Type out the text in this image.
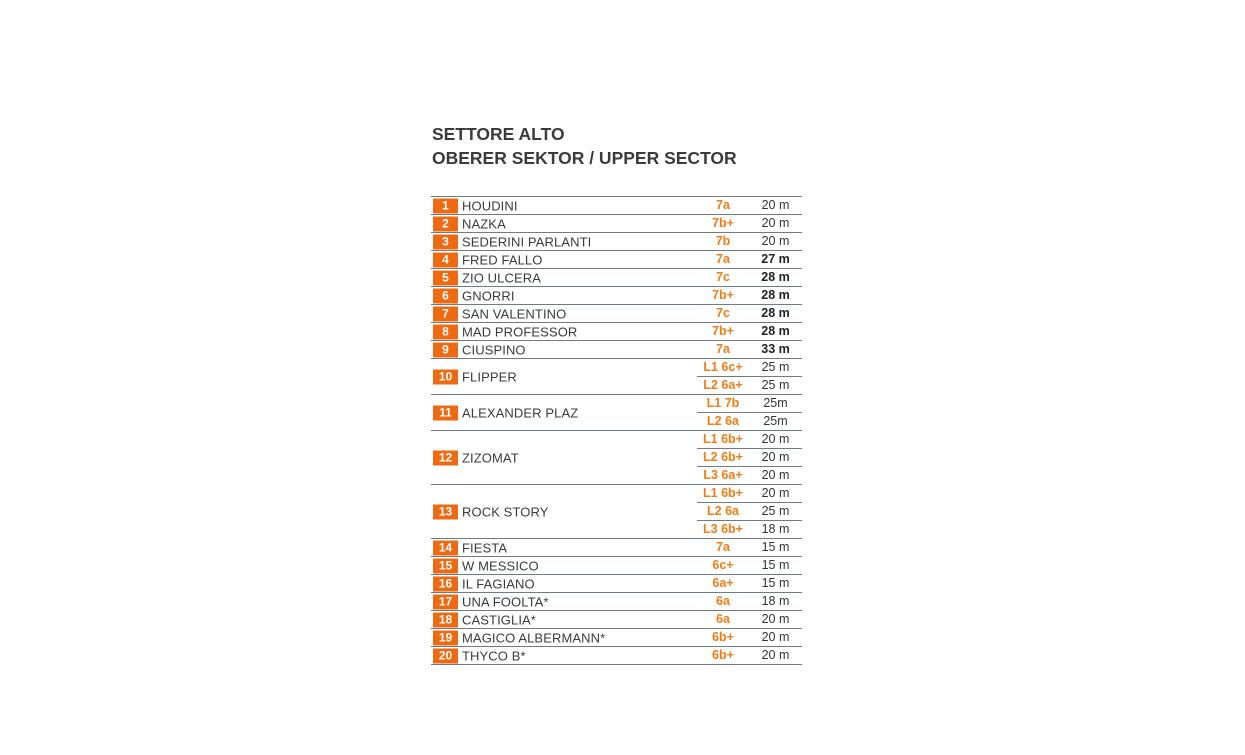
SETTORE ALTO
OBERER SEKTOR / UPPER SECTOR
1	HOUDINI	7a	20 m
2	NAZKA	7b+	20 m
3	SEDERINI PARLANTI	7b	20 m
4	FRED FALLO	7a	27 m
5	ZIO ULCERA	7c	28 m
6	GNORRI	7b+	28 m
7	SAN VALENTINO	7c	28 m
8	MAD PROFESSOR	7b+	28 m
9	CIUSPINO	7a	33 m
10 FLIPPER
L1 6c+	25 m
L2 6a+	25 m
11 ALEXANDER PLAZ
L1 7b	25m
L2 6a	25m
12 ZIZOMAT
L1 6b+	20 m
L2 6b+	20 m
L3 6a+	20 m
13 ROCK STORY
L1 6b+	20 m
L2 6a	25 m
L3 6b+	18 m
14 FIESTA	7a	15 m
15 W MESSICO	6c+	15 m
16 IL FAGIANO	6a+	15 m
17 UNA FOOLTA*	6a	18 m
18 CASTIGLIA*	6a	20 m
19 MAGICO ALBERMANN*	6b+	20 m
20 THYCO B*	6b+	20 m
